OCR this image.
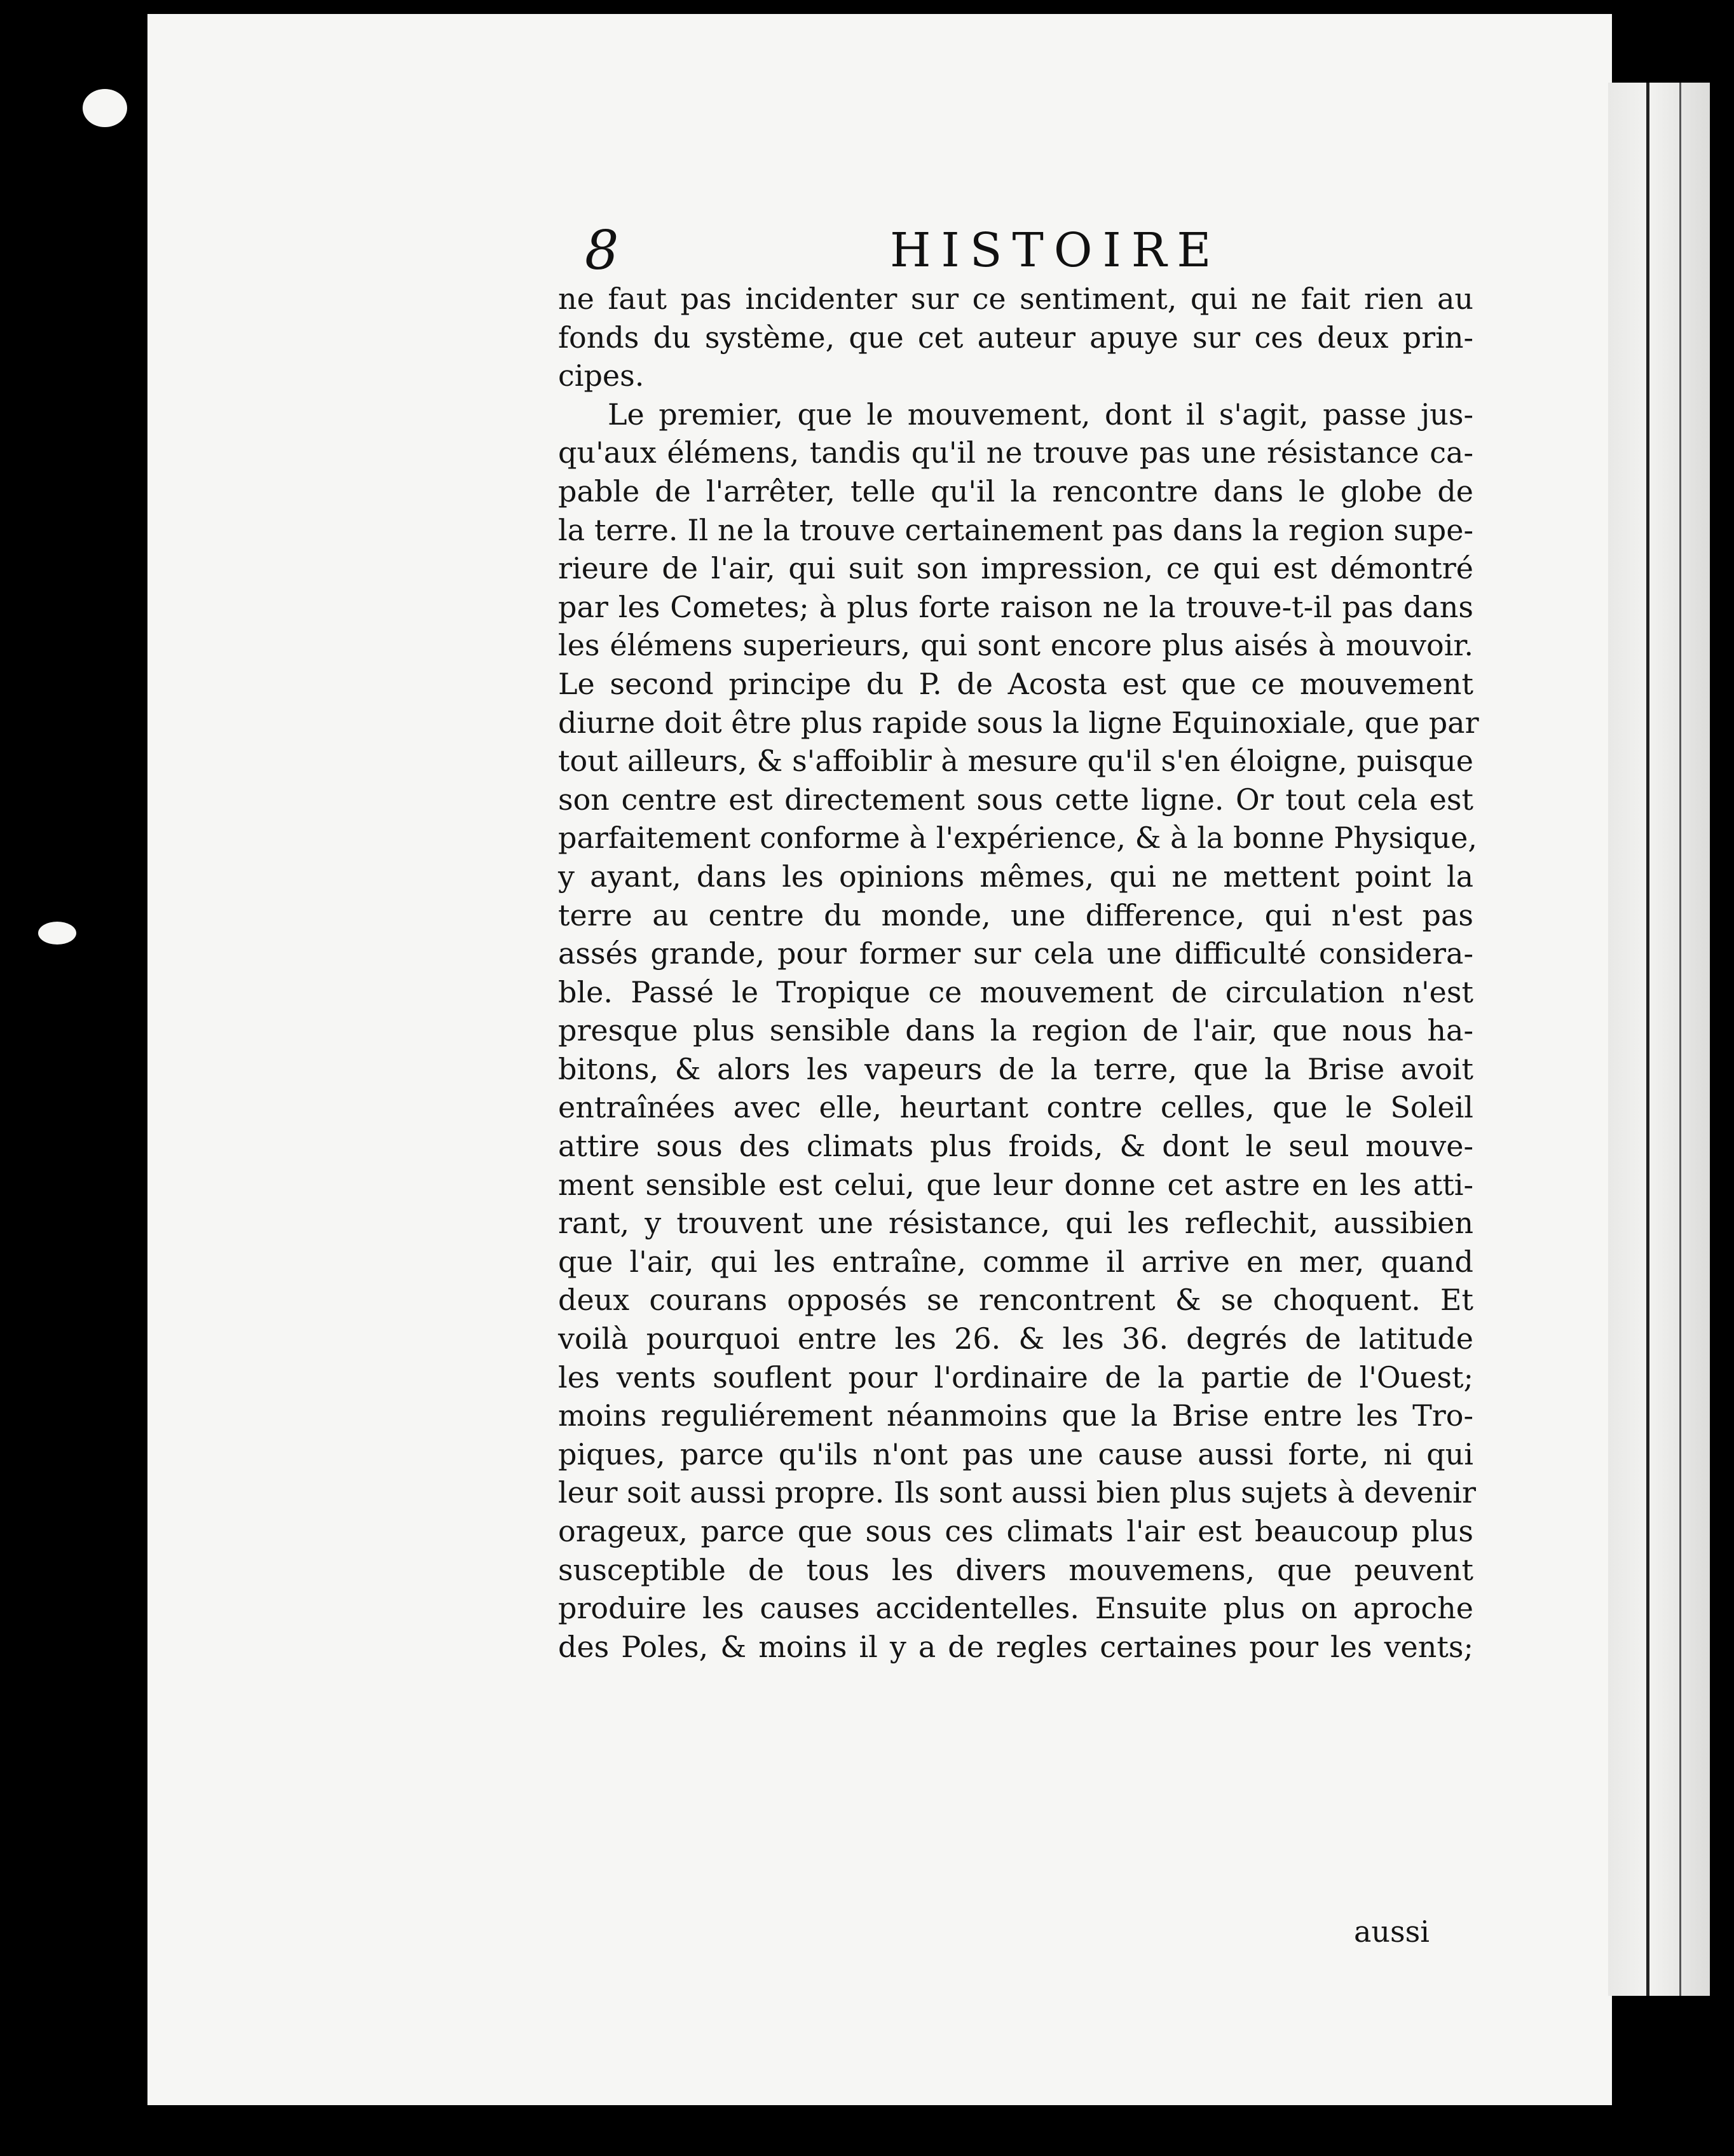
8	HISTOIRE
ne faut pas incidenter sur ce sentiment, qui ne fait rien au
fonds du système, que cet auteur apuye sur ces deux prin-
cipes.
Le premier, que le mouvement, dont il s'agit, passe jus-
qu'aux élémens, tandis qu'il ne trouve pas une résistance ca-
pable de l'arrêter, telle qu'il la rencontre dans le globe de
la terre. Il ne la trouve certainement pas dans la region supe-
rieure de l'air, qui suit son impression, ce qui est démontré
par les Cometes; à plus forte raison ne la trouve-t-il pas dans
les élémens superieurs, qui sont encore plus aisés à mouvoir.
Le second principe du P. de Acosta est que ce mouvement
diurne doit être plus rapide sous la ligne Equinoxiale, que par
tout ailleurs, & s'affoiblir à mesure qu'il s'en éloigne, puisque
son centre est directement sous cette ligne. Or tout cela est
parfaitement conforme à l'expérience, & à la bonne Physique,
y ayant, dans les opinions mêmes, qui ne mettent point la
terre au centre du monde, une difference, qui n'est pas
assés grande, pour former sur cela une difficulté considera-
ble. Passé le Tropique ce mouvement de circulation n'est
presque plus sensible dans la region de l'air, que nous ha-
bitons, & alors les vapeurs de la terre, que la Brise avoit
entraînées avec elle, heurtant contre celles, que le Soleil
attire sous des climats plus froids, & dont le seul mouve-
ment sensible est celui, que leur donne cet astre en les atti-
rant, y trouvent une résistance, qui les reflechit, aussibien
que l'air, qui les entraîne, comme il arrive en mer, quand
deux courans opposés se rencontrent & se choquent. Et
voilà pourquoi entre les 26. & les 36. degrés de latitude
les vents souflent pour l'ordinaire de la partie de l'Ouest;
moins reguliérement néanmoins que la Brise entre les Tro-
piques, parce qu'ils n'ont pas une cause aussi forte, ni qui
leur soit aussi propre. Ils sont aussi bien plus sujets à devenir
orageux, parce que sous ces climats l'air est beaucoup plus
susceptible de tous les divers mouvemens, que peuvent
produire les causes accidentelles. Ensuite plus on aproche
des Poles, & moins il y a de regles certaines pour les vents;
aussi
